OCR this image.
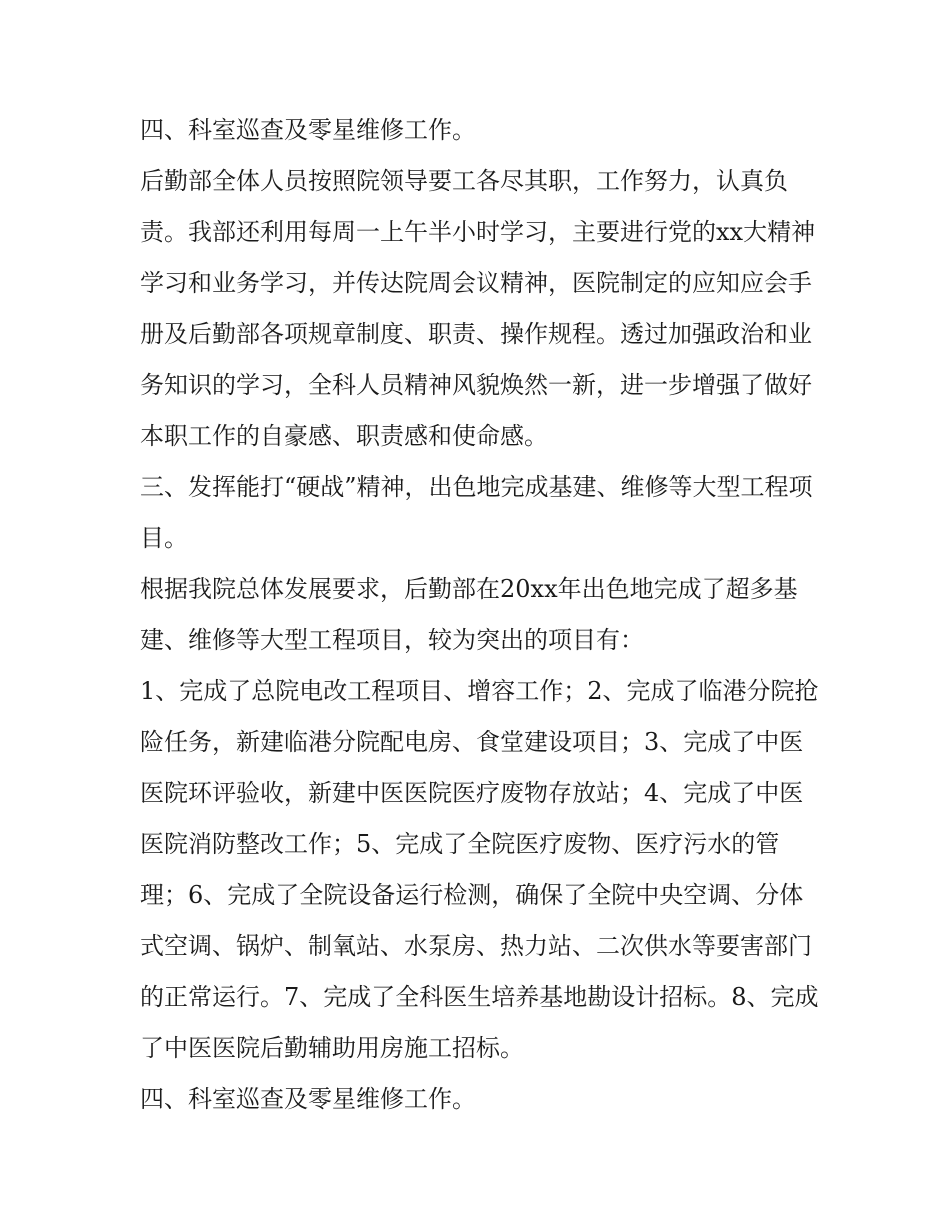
四、科室巡查及零星维修工作。

后勤部全体人员按照院领导要工各尽其职，工作努力，认真负责。我部还利用每周一上午半小时学习，主要进行党的xx大精神学习和业务学习，并传达院周会议精神，医院制定的应知应会手册及后勤部各项规章制度、职责、操作规程。透过加强政治和业务知识的学习，全科人员精神风貌焕然一新，进一步增强了做好本职工作的自豪感、职责感和使命感。

三、发挥能打“硬战”精神，出色地完成基建、维修等大型工程项目。

根据我院总体发展要求，后勤部在20xx年出色地完成了超多基建、维修等大型工程项目，较为突出的项目有：

1、完成了总院电改工程项目、增容工作；2、完成了临港分院抢险任务，新建临港分院配电房、食堂建设项目；3、完成了中医医院环评验收，新建中医医院医疗废物存放站；4、完成了中医医院消防整改工作；5、完成了全院医疗废物、医疗污水的管理；6、完成了全院设备运行检测，确保了全院中央空调、分体式空调、锅炉、制氧站、水泵房、热力站、二次供水等要害部门的正常运行。7、完成了全科医生培养基地勘设计招标。8、完成了中医医院后勤辅助用房施工招标。

四、科室巡查及零星维修工作。
